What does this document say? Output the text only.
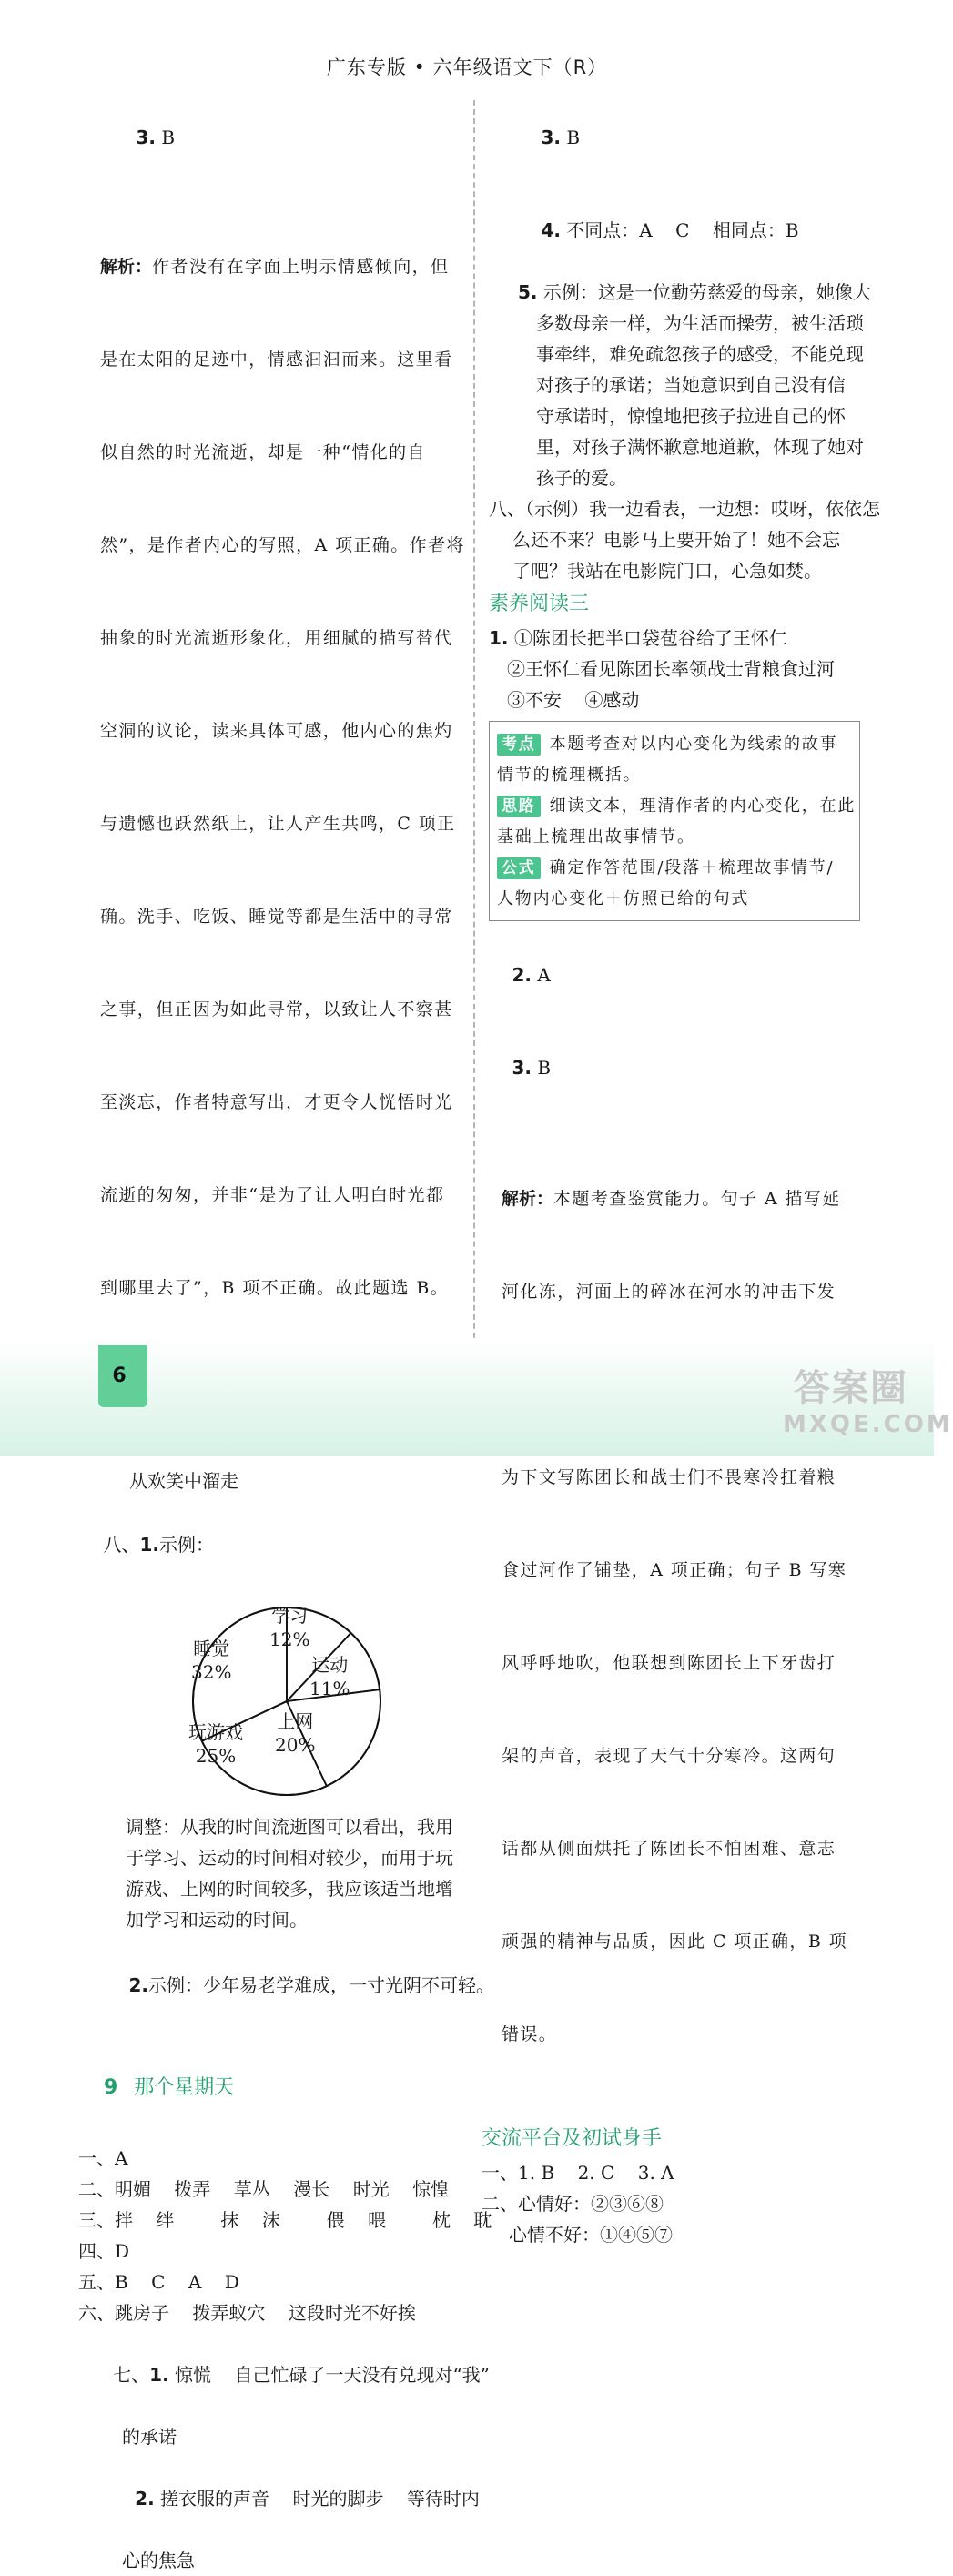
广东专版 • 六年级语文下（R）

3. B

解析：作者没有在字面上明示情感倾向，但

是在太阳的足迹中，情感汩汩而来。这里看

似自然的时光流逝，却是一种“情化的自

然”，是作者内心的写照，A 项正确。作者将

抽象的时光流逝形象化，用细腻的描写替代

空洞的议论，读来具体可感，他内心的焦灼

与遗憾也跃然纸上，让人产生共鸣，C 项正

确。洗手、吃饭、睡觉等都是生活中的寻常

之事，但正因为如此寻常，以致让人不察甚

至淡忘，作者特意写出，才更令人恍悟时光

流逝的匆匆，并非“是为了让人明白时光都

到哪里去了”，B 项不正确。故此题选 B。

从欢笑中溜走

八、1.示例：

学习
12%
运动
11%
睡觉
32%
玩游戏
25%
上网
20%
调整：从我的时间流逝图可以看出，我用
于学习、运动的时间相对较少，而用于玩
游戏、上网的时间较多，我应该适当地增
加学习和运动的时间。

2.示例：少年易老学难成，一寸光阴不可轻。

9 那个星期天

一、A
二、明媚    拨弄    草丛    漫长    时光    惊惶
三、拌    绊        抹    沫        偎    喂        枕    耽
四、D
五、B    C    A    D
六、跳房子    拨弄蚁穴    这段时光不好挨

七、1. 惊慌    自己忙碌了一天没有兑现对“我”

的承诺

2. 搓衣服的声音    时光的脚步    等待时内

心的焦急

3. B

4. 不同点：A    C    相同点：B

5. 示例：这是一位勤劳慈爱的母亲，她像大
多数母亲一样，为生活而操劳，被生活琐
事牵绊，难免疏忽孩子的感受，不能兑现
对孩子的承诺；当她意识到自己没有信
守承诺时，惊惶地把孩子拉进自己的怀
里，对孩子满怀歉意地道歉，体现了她对
孩子的爱。
八、（示例）我一边看表，一边想：哎呀，依依怎
么还不来？电影马上要开始了！她不会忘
了吧？我站在电影院门口，心急如焚。
素养阅读三
1. ①陈团长把半口袋苞谷给了王怀仁
②王怀仁看见陈团长率领战士背粮食过河
③不安    ④感动
考点 本题考查对以内心变化为线索的故事
情节的梳理概括。
思路 细读文本，理清作者的内心变化，在此
基础上梳理出故事情节。
公式 确定作答范围/段落＋梳理故事情节/
人物内心变化＋仿照已给的句式

2. A

3. B

解析：本题考查鉴赏能力。句子 A 描写延

河化冻，河面上的碎冰在河水的冲击下发

为下文写陈团长和战士们不畏寒冷扛着粮

食过河作了铺垫，A 项正确；句子 B 写寒

风呼呼地吹，他联想到陈团长上下牙齿打

架的声音，表现了天气十分寒冷。这两句

话都从侧面烘托了陈团长不怕困难、意志

顽强的精神与品质，因此 C 项正确，B 项

错误。

交流平台及初试身手
一、1. B    2. C    3. A
二、心情好：②③⑥⑧
心情不好：①④⑤⑦
6	答案圈
MXQE.COM
